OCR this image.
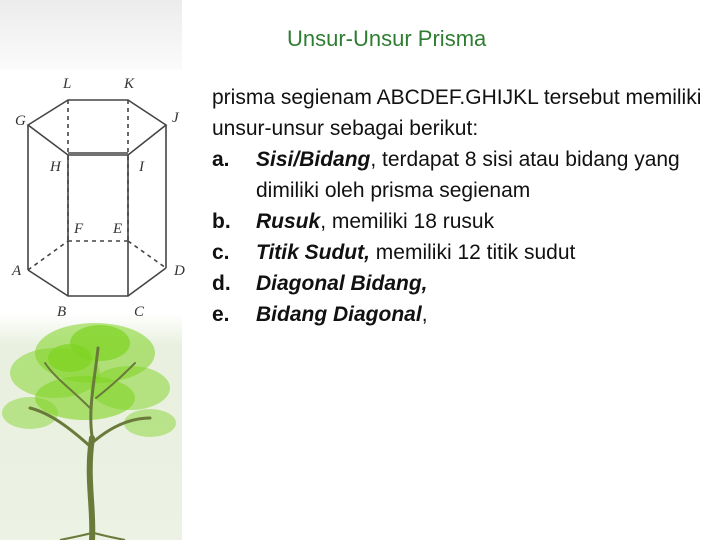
Unsur-Unsur Prisma
L	K
G	J
H	I
F E
A	D
B	C

prisma segienam ABCDEF.GHIJKL tersebut memiliki unsur-unsur sebagai berikut:

a. Sisi/Bidang, terdapat 8 sisi atau bidang yang dimiliki oleh prisma segienam
b. Rusuk, memiliki 18 rusuk
c. Titik Sudut, memiliki 12 titik sudut
d. Diagonal Bidang,
e. Bidang Diagonal,
